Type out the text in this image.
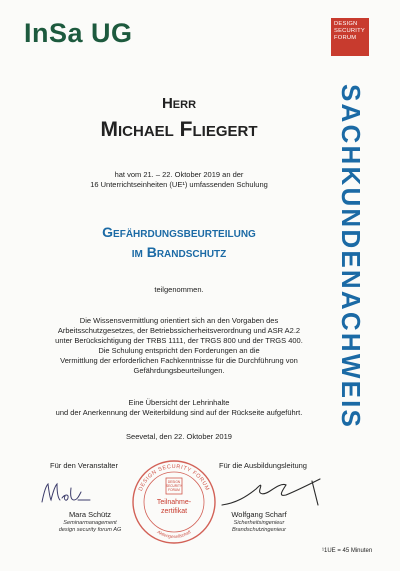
InSa UG	DESIGN
SECURITY
FORUM
SACHKUNDENACHWEIS
Herr
Michael Fliegert
hat vom 21. – 22. Oktober 2019 an der
16 Unterrichtseinheiten (UE¹) umfassenden Schulung
Gefährdungsbeurteilung
im Brandschutz
teilgenommen.
Die Wissensvermittlung orientiert sich an den Vorgaben des
Arbeitsschutzgesetzes, der Betriebssicherheitsverordnung und ASR A2.2
unter Berücksichtigung der TRBS 1111, der TRGS 800 und der TRGS 400.
Die Schulung entspricht den Forderungen an die
Vermittlung der erforderlichen Fachkenntnisse für die Durchführung von
Gefährdungsbeurteilungen.
Eine Übersicht der Lehrinhalte
und der Anerkennung der Weiterbildung sind auf der Rückseite aufgeführt.
Seevetal, den 22. Oktober 2019
Für den Veranstalter	Für die Ausbildungsleitung
Mara Schütz
Seminarmanagement
design security forum AG
Wolfgang Scharf
Sicherheitsingenieur
Brandschutzingenieur
DESIGN SECURITY FORUM
Aktiengesellschaft
DESIGN
SECURITY
FORUM
Teilnahme-
zertifikat
¹1UE = 45 Minuten
